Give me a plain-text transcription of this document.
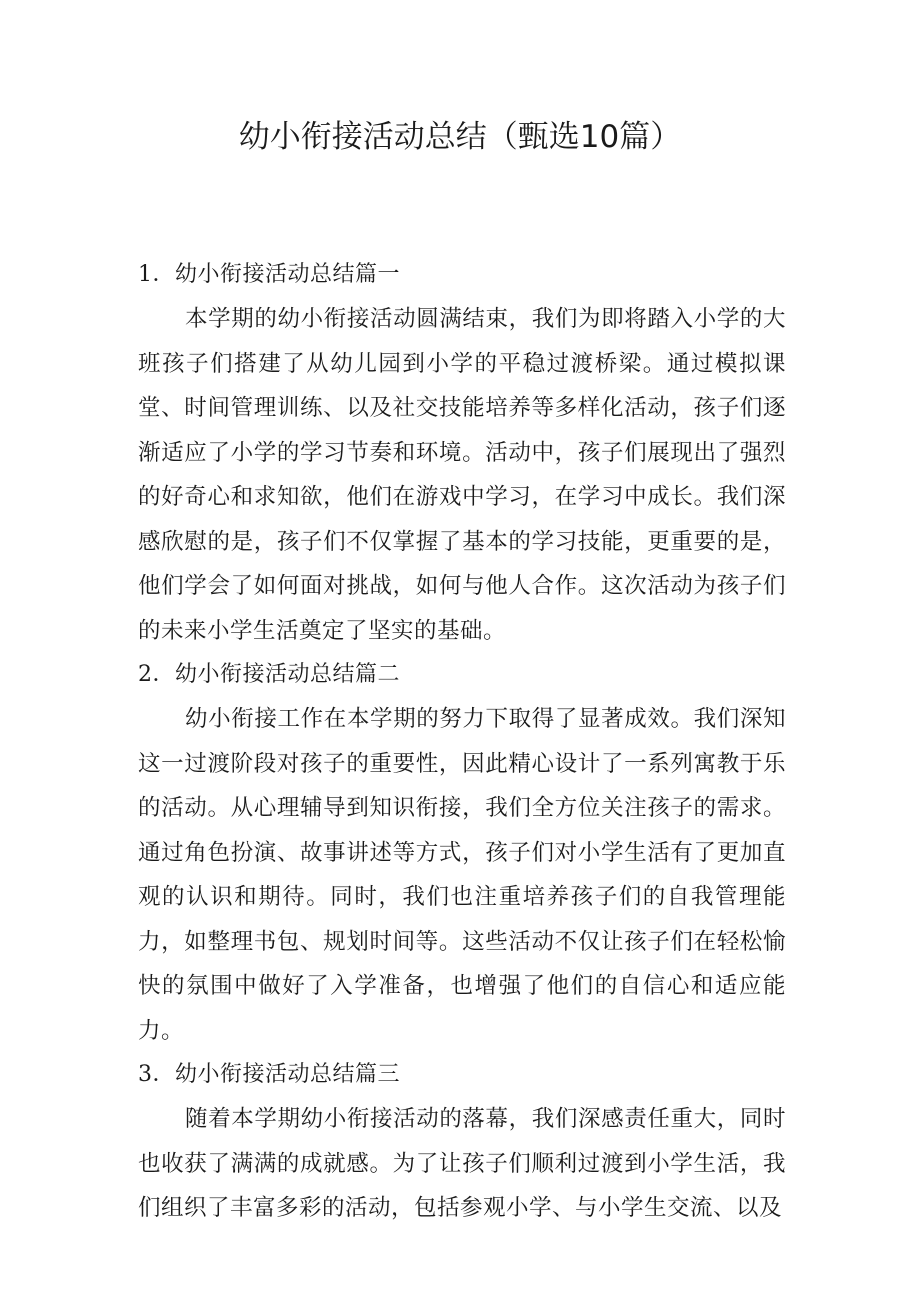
幼小衔接活动总结（甄选10篇）

1．幼小衔接活动总结篇一

本学期的幼小衔接活动圆满结束，我们为即将踏入小学的大班孩子们搭建了从幼儿园到小学的平稳过渡桥梁。通过模拟课堂、时间管理训练、以及社交技能培养等多样化活动，孩子们逐渐适应了小学的学习节奏和环境。活动中，孩子们展现出了强烈的好奇心和求知欲，他们在游戏中学习，在学习中成长。我们深感欣慰的是，孩子们不仅掌握了基本的学习技能，更重要的是，他们学会了如何面对挑战，如何与他人合作。这次活动为孩子们的未来小学生活奠定了坚实的基础。

2．幼小衔接活动总结篇二

幼小衔接工作在本学期的努力下取得了显著成效。我们深知这一过渡阶段对孩子的重要性，因此精心设计了一系列寓教于乐的活动。从心理辅导到知识衔接，我们全方位关注孩子的需求。通过角色扮演、故事讲述等方式，孩子们对小学生活有了更加直观的认识和期待。同时，我们也注重培养孩子们的自我管理能力，如整理书包、规划时间等。这些活动不仅让孩子们在轻松愉快的氛围中做好了入学准备，也增强了他们的自信心和适应能力。

3．幼小衔接活动总结篇三

随着本学期幼小衔接活动的落幕，我们深感责任重大，同时也收获了满满的成就感。为了让孩子们顺利过渡到小学生活，我们组织了丰富多彩的活动，包括参观小学、与小学生交流、以及
